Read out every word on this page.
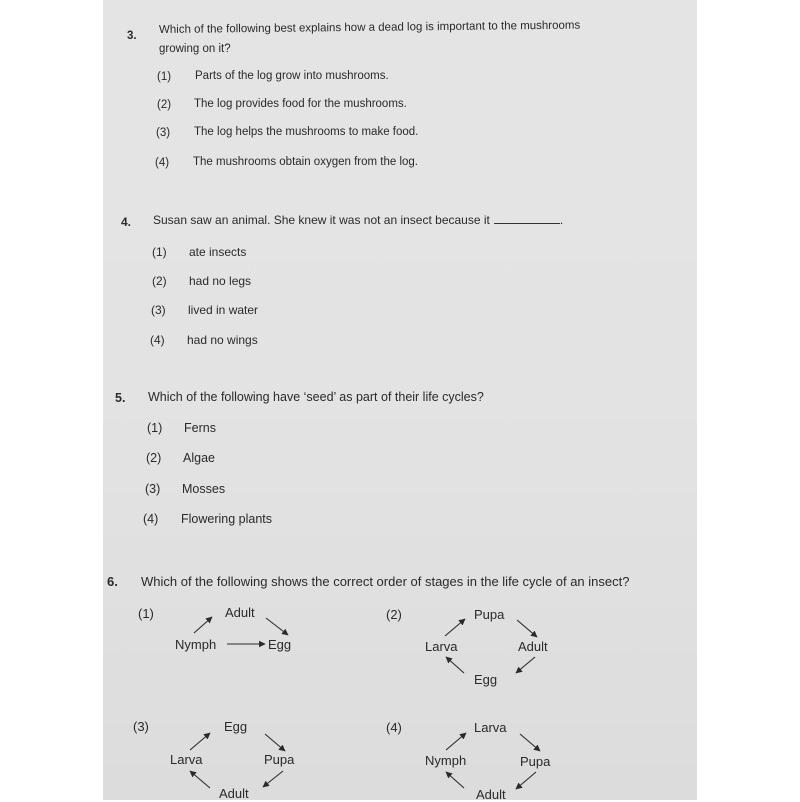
3.
Which of the following best explains how a dead log is important to the mushrooms
growing on it?
(1) Parts of the log grow into mushrooms.
(2) The log provides food for the mushrooms.
(3) The log helps the mushrooms to make food.
(4) The mushrooms obtain oxygen from the log.
4. Susan saw an animal. She knew it was not an insect because it	.
(1) ate insects
(2) had no legs
(3) lived in water
(4) had no wings
5. Which of the following have ‘seed’ as part of their life cycles?
(1) Ferns
(2) Algae
(3) Mosses
(4) Flowering plants
6. Which of the following shows the correct order of stages in the life cycle of an insect?
(1)	(2)
(3)	(4)
Adult
Nymph	Egg
Pupa
Larva	Adult
Egg
Egg
Larva	Pupa
Adult
Larva
Nymph	Pupa
Adult
